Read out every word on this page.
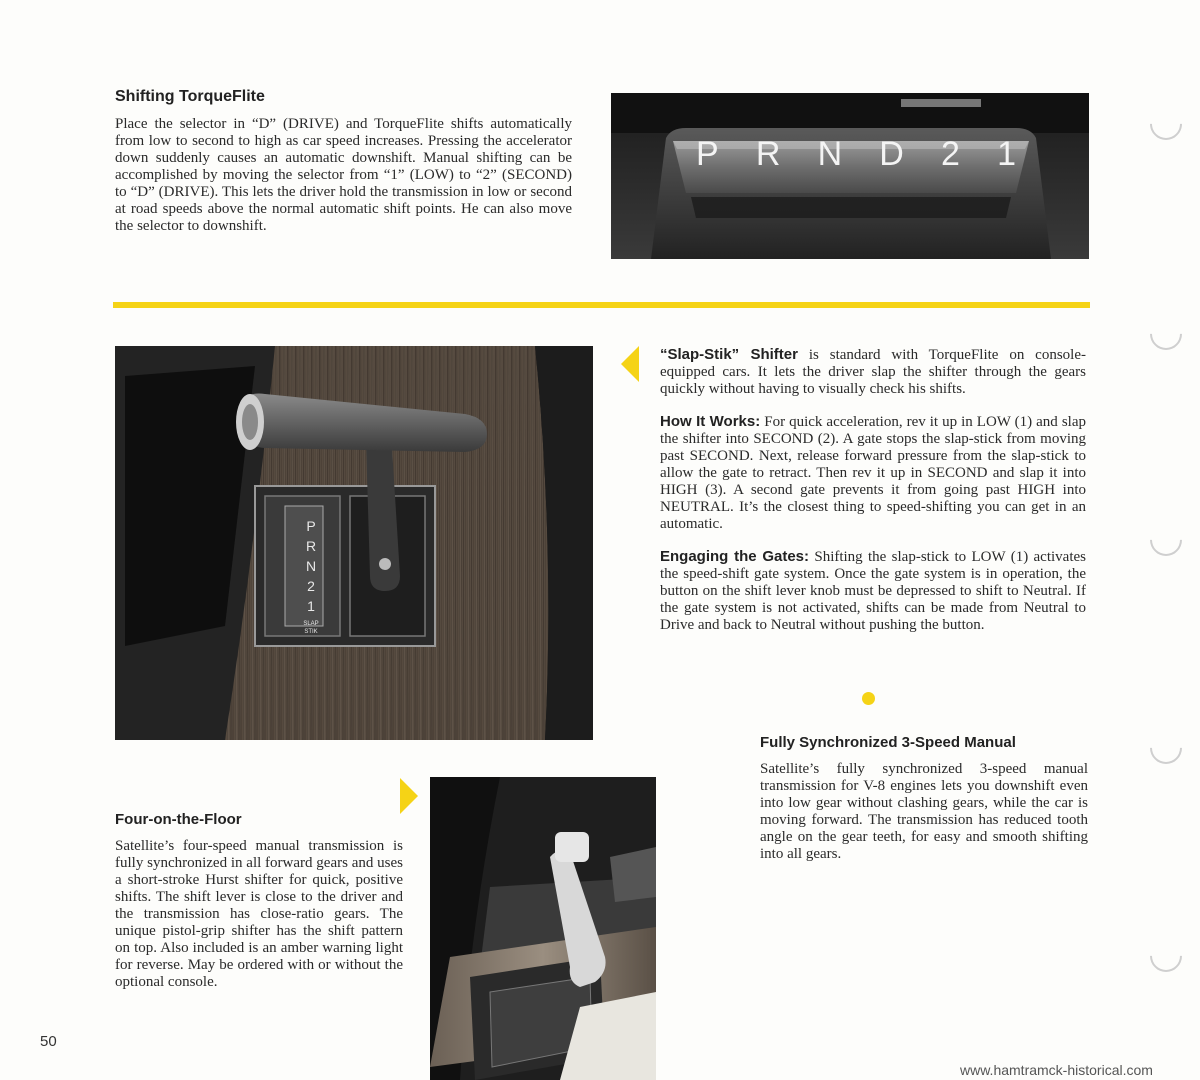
Shifting TorqueFlite

Place the selector in “D” (DRIVE) and TorqueFlite shifts automatically from low to second to high as car speed increases. Pressing the accelerator down suddenly causes an automatic downshift. Manual shifting can be accomplished by moving the selector from “1” (LOW) to “2” (SECOND) to “D” (DRIVE). This lets the driver hold the transmission in low or second at road speeds above the normal automatic shift points. He can also move the selector to downshift.

P R N D 2 1
P
R
N
2
1
SLAP STIK

“Slap-Stik” Shifter is standard with TorqueFlite on console-equipped cars. It lets the driver slap the shifter through the gears quickly without having to visually check his shifts.

How It Works: For quick acceleration, rev it up in LOW (1) and slap the shifter into SECOND (2). A gate stops the slap-stick from moving past SECOND. Next, release forward pressure from the slap-stick to allow the gate to retract. Then rev it up in SECOND and slap it into HIGH (3). A second gate prevents it from going past HIGH into NEUTRAL. It’s the closest thing to speed-shifting you can get in an automatic.

Engaging the Gates: Shifting the slap-stick to LOW (1) activates the speed-shift gate system. Once the gate system is in operation, the button on the shift lever knob must be depressed to shift to Neutral. If the gate system is not activated, shifts can be made from Neutral to Drive and back to Neutral without pushing the button.

Fully Synchronized 3-Speed Manual

Satellite’s fully synchronized 3-speed manual transmission for V-8 engines lets you downshift even into low gear without clashing gears, while the car is moving forward. The transmission has reduced tooth angle on the gear teeth, for easy and smooth shifting into all gears.

Four-on-the-Floor

Satellite’s four-speed manual transmission is fully synchronized in all forward gears and uses a short-stroke Hurst shifter for quick, positive shifts. The shift lever is close to the driver and the transmission has close-ratio gears. The unique pistol-grip shifter has the shift pattern on top. Also included is an amber warning light for reverse. May be ordered with or without the optional console.

50
www.hamtramck-historical.com
